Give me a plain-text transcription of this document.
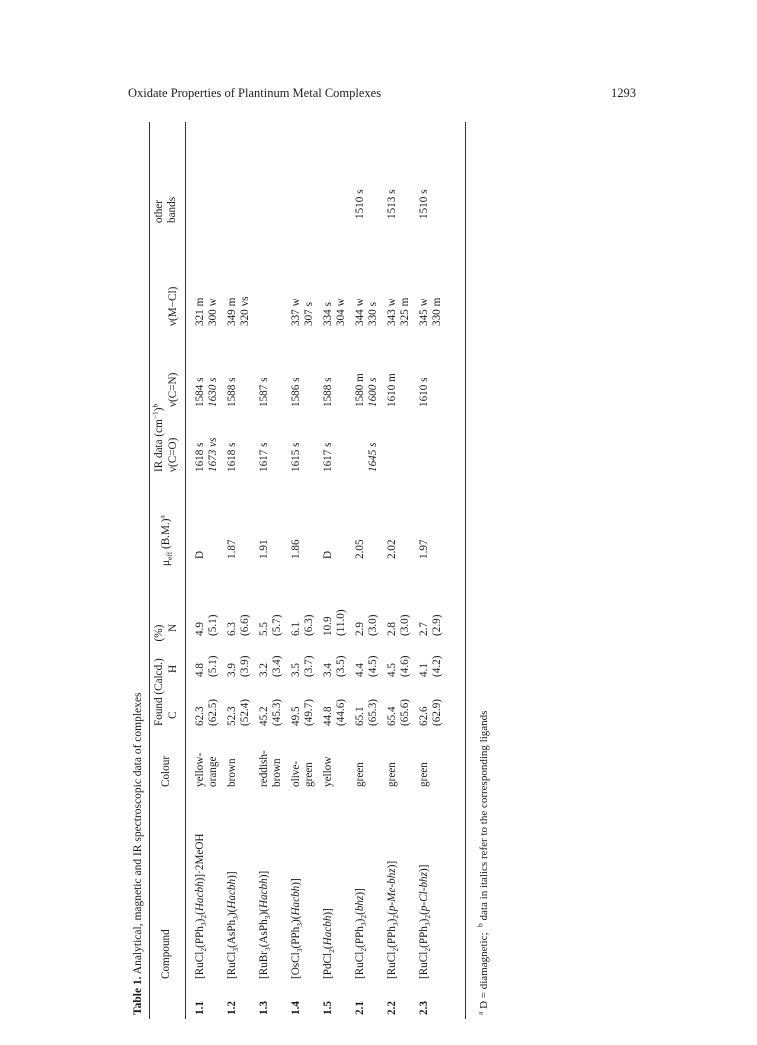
Oxidate Properties of Plantinum Metal Complexes	1293
Table 1. Analytical, magnetic and IR spectroscopic data of complexes Compound
Colour
Found (Calcd.)      (%) C
H
N
$\mu_{eff}$ $(B.M.)^a$
IR data $(cm^{-1})^b$
ν(C=O)
ν(C=N)
ν(M−Cl)
other bands
1.1
$[RuCl_2(PPh_3)_2(Hacbh)]\cdot 2MeOH$
yellow- orange
62.3 (62.5)
4.8 (5.1)
4.9 (5.1)
D
1618 s 1673 vs
1584 s 1630 s
321 m 300 w
1.2
[RuCl$_3$(AsPh$_3$)(Hacbh)]
brown
52.3 (52.4)
3.9 (3.9)
6.3 (6.6)
1.87
1618 s
1588 s
349 m 320 vs
1.3
[RuBr$_3$(AsPh$_3$)(Hacbh)]
reddish- brown
45.2 (45.3)
3.2 (3.4)
5.5 (5.7)
1.91
1617 s
1587 s
1.4
[OsCl$_3$(PPh$_3$)(Hacbh)]
olive- green
49.5 (49.7)
3.5 (3.7)
6.1 (6.3)
1.86
1615 s
1586 s
337 w 307 s
1.5
[PdCl$_2$(Hacbh)]
yellow
44.8 (44.6)
3.4 (3.5)
10.9 (11.0)
D
1617 s
1588 s
334 s 304 w
2.1
$[RuCl_2(PPh_3)_2(bhz)]$
green
65.1 (65.3)
4.4 (4.5)
2.9 (3.0)
2.05
1645 s
1580 m 1600 s
344 w 330 s
1510 s
2.2
$[RuCl_2(PPh_3)_2(p-Me-bhz)]$
green
65.4 (65.6)
4.5 (4.6)
2.8 (3.0)
2.02
1610 m
343 w 325 m
1513 s
2.3
$[RuCl_2(PPh_3)_2(p-Cl-bhz)]$
green
62.6 (62.9)
4.1 (4.2)
2.7 (2.9)
1.97
1610 s
345 w 330 m
1510 s
$^a$ D = diamagnetic;  $^b$ data in italics refer to the corresponding ligands
